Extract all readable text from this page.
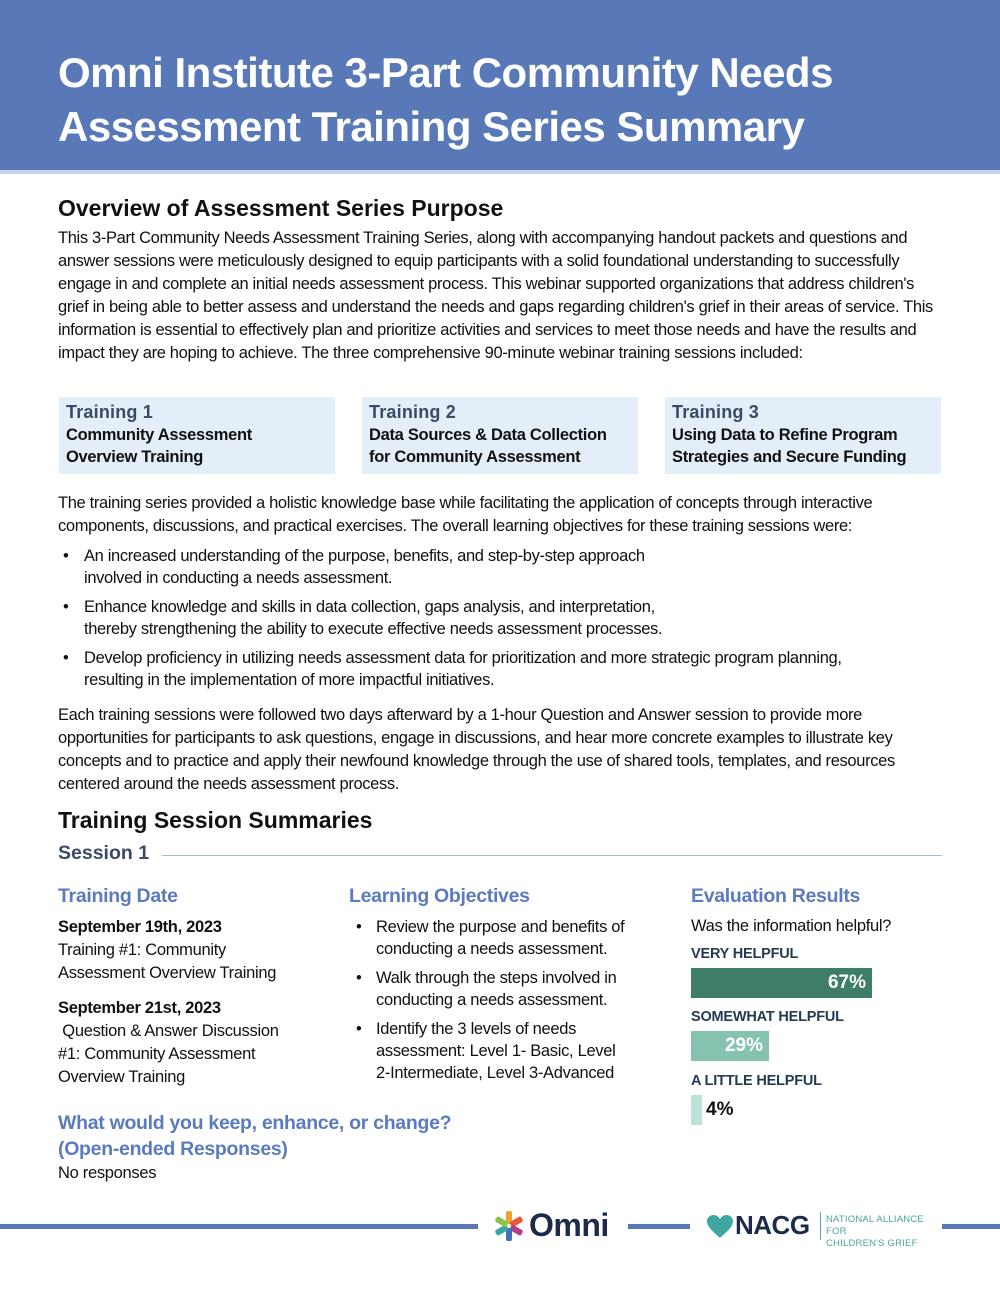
Omni Institute 3-Part Community Needs
Assessment Training Series Summary
Overview of Assessment Series Purpose
This 3-Part Community Needs Assessment Training Series, along with accompanying handout packets and questions and answer sessions were meticulously designed to equip participants with a solid foundational understanding to successfully engage in and complete an initial needs assessment process. This webinar supported organizations that address children's grief in being able to better assess and understand the needs and gaps regarding children's grief in their areas of service. This information is essential to effectively plan and prioritize activities and services to meet those needs and have the results and impact they are hoping to achieve. The three comprehensive 90-minute webinar training sessions included:
Training 1
Community Assessment
Overview Training
Training 2
Data Sources & Data Collection
for Community Assessment
Training 3
Using Data to Refine Program
Strategies and Secure Funding
The training series provided a holistic knowledge base while facilitating the application of concepts through interactive components, discussions, and practical exercises. The overall learning objectives for these training sessions were:
• An increased understanding of the purpose, benefits, and step-by-step approach
involved in conducting a needs assessment.
• Enhance knowledge and skills in data collection, gaps analysis, and interpretation,
thereby strengthening the ability to execute effective needs assessment processes.
• Develop proficiency in utilizing needs assessment data for prioritization and more strategic program planning,
resulting in the implementation of more impactful initiatives.
Each training sessions were followed two days afterward by a 1-hour Question and Answer session to provide more opportunities for participants to ask questions, engage in discussions, and hear more concrete examples to illustrate key concepts and to practice and apply their newfound knowledge through the use of shared tools, templates, and resources centered around the needs assessment process.
Training Session Summaries
Session 1
Training Date
September 19th, 2023
Training #1: Community
Assessment Overview Training
September 21st, 2023
Question & Answer Discussion
#1: Community Assessment
Overview Training
Learning Objectives
• Review the purpose and benefits of
conducting a needs assessment.
• Walk through the steps involved in
conducting a needs assessment.
• Identify the 3 levels of needs
assessment: Level 1- Basic, Level
2-Intermediate, Level 3-Advanced
Evaluation Results
Was the information helpful?
VERY HELPFUL
67%
SOMEWHAT HELPFUL
29%
A LITTLE HELPFUL
4%
What would you keep, enhance, or change?
(Open-ended Responses)
No responses
Omni	NACG NATIONAL ALLIANCE FOR
CHILDREN'S GRIEF
